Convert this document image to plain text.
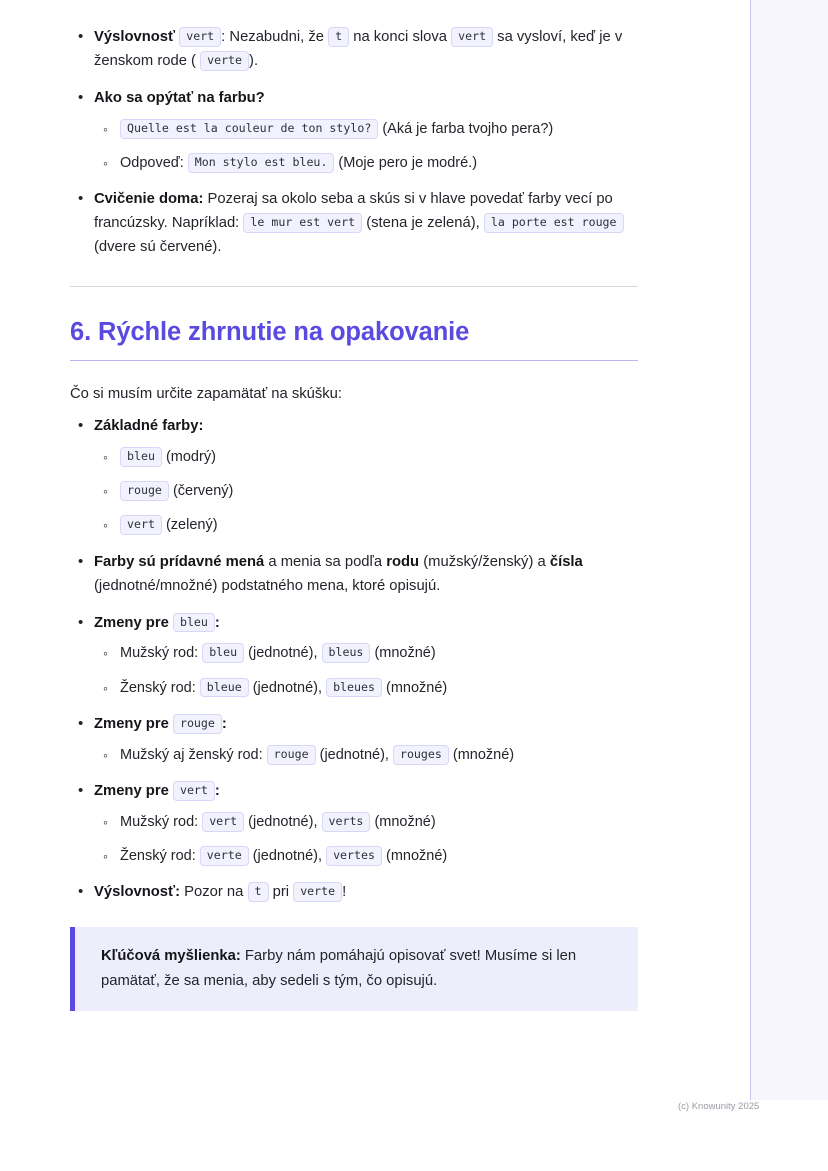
• Výslovnosť vert : Nezabudni, že t na konci slova vert sa vysloví, keď je v ženskom rode ( verte ).
• Ako sa opýtať na farbu?
◦ Quelle est la couleur de ton stylo? (Aká je farba tvojho pera?)
◦ Odpoveď: Mon stylo est bleu. (Moje pero je modré.)
• Cvičenie doma: Pozeraj sa okolo seba a skús si v hlave povedať farby vecí po francúzsky. Napríklad: le mur est vert (stena je zelená), la porte est rouge (dvere sú červené).
6. Rýchle zhrnutie na opakovanie

Čo si musím určite zapamätať na skúšku:

• Základné farby:
◦ bleu (modrý)
◦ rouge (červený)
◦ vert (zelený)
• Farby sú prídavné mená a menia sa podľa rodu (mužský/ženský) a čísla (jednotné/množné) podstatného mena, ktoré opisujú.
• Zmeny pre bleu :
◦ Mužský rod: bleu (jednotné), bleus (množné)
◦ Ženský rod: bleue (jednotné), bleues (množné)
• Zmeny pre rouge :
◦ Mužský aj ženský rod: rouge (jednotné), rouges (množné)
• Zmeny pre vert :
◦ Mužský rod: vert (jednotné), verts (množné)
◦ Ženský rod: verte (jednotné), vertes (množné)
• Výslovnosť: Pozor na t pri verte !
Kľúčová myšlienka: Farby nám pomáhajú opisovať svet! Musíme si len pamätať, že sa menia, aby sedeli s tým, čo opisujú.
(c) Knowunity 2025
